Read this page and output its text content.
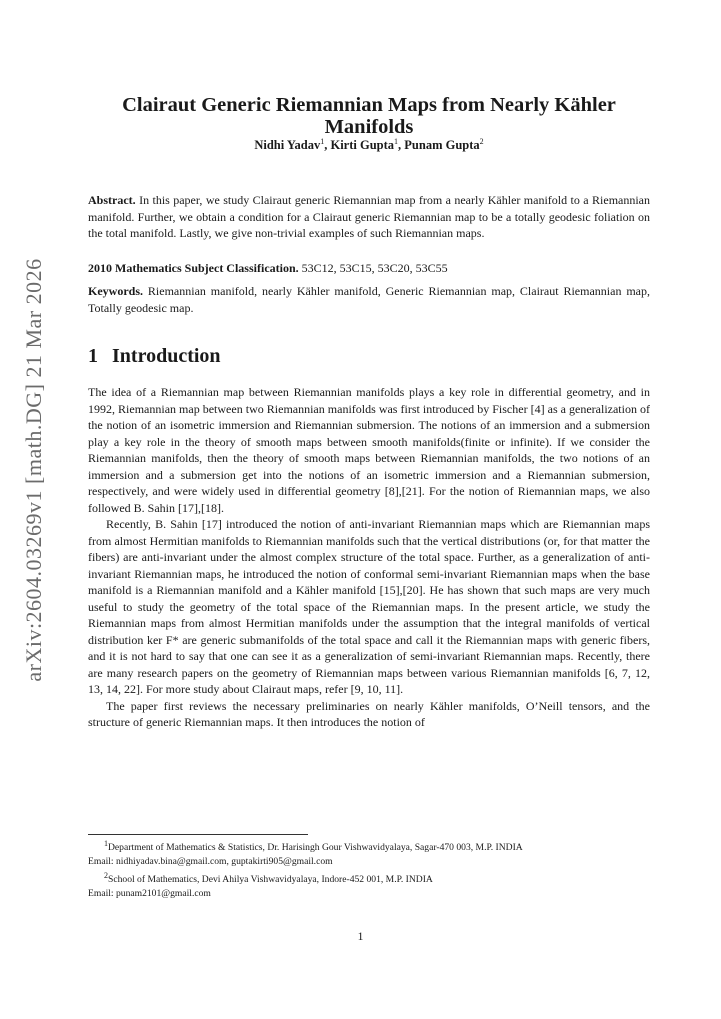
arXiv:2604.03269v1 [math.DG] 21 Mar 2026
Clairaut Generic Riemannian Maps from Nearly Kähler Manifolds
Nidhi Yadav$^1$, Kirti Gupta$^1$, Punam Gupta$^2$
Abstract. In this paper, we study Clairaut generic Riemannian map from a nearly Kähler manifold to a Riemannian manifold. Further, we obtain a condition for a Clairaut generic Riemannian map to be a totally geodesic foliation on the total manifold. Lastly, we give non-trivial examples of such Riemannian maps.
2010 Mathematics Subject Classification. 53C12, 53C15, 53C20, 53C55
Keywords. Riemannian manifold, nearly Kähler manifold, Generic Riemannian map, Clairaut Riemannian map, Totally geodesic map.
1 Introduction

The idea of a Riemannian map between Riemannian manifolds plays a key role in differential geometry, and in 1992, Riemannian map between two Riemannian manifolds was first introduced by Fischer [4] as a generalization of the notion of an isometric immersion and Riemannian submersion. The notions of an immersion and a submersion play a key role in the theory of smooth maps between smooth manifolds(finite or infinite). If we consider the Riemannian manifolds, then the theory of smooth maps between Riemannian manifolds, the two notions of an immersion and a submersion get into the notions of an isometric immersion and a Riemannian submersion, respectively, and were widely used in differential geometry [8],[21]. For the notion of Riemannian maps, we also followed B. Sahin [17],[18].

Recently, B. Sahin [17] introduced the notion of anti-invariant Riemannian maps which are Riemannian maps from almost Hermitian manifolds to Riemannian manifolds such that the vertical distributions (or, for that matter the fibers) are anti-invariant under the almost complex structure of the total space. Further, as a generalization of anti-invariant Riemannian maps, he introduced the notion of conformal semi-invariant Riemannian maps when the base manifold is a Riemannian manifold and a Kähler manifold [15],[20]. He has shown that such maps are very much useful to study the geometry of the total space of the Riemannian maps. In the present article, we study the Riemannian maps from almost Hermitian manifolds under the assumption that the integral manifolds of vertical distribution ker F* are generic submanifolds of the total space and call it the Riemannian maps with generic fibers, and it is not hard to say that one can see it as a generalization of semi-invariant Riemannian maps. Recently, there are many research papers on the geometry of Riemannian maps between various Riemannian manifolds [6, 7, 12, 13, 14, 22]. For more study about Clairaut maps, refer [9, 10, 11].

The paper first reviews the necessary preliminaries on nearly Kähler manifolds, O’Neill tensors, and the structure of generic Riemannian maps. It then introduces the notion of

$^1$Department of Mathematics & Statistics, Dr. Harisingh Gour Vishwavidyalaya, Sagar-470 003, M.P. INDIA

Email: nidhiyadav.bina@gmail.com, guptakirti905@gmail.com

$^2$School of Mathematics, Devi Ahilya Vishwavidyalaya, Indore-452 001, M.P. INDIA

Email: punam2101@gmail.com

1
